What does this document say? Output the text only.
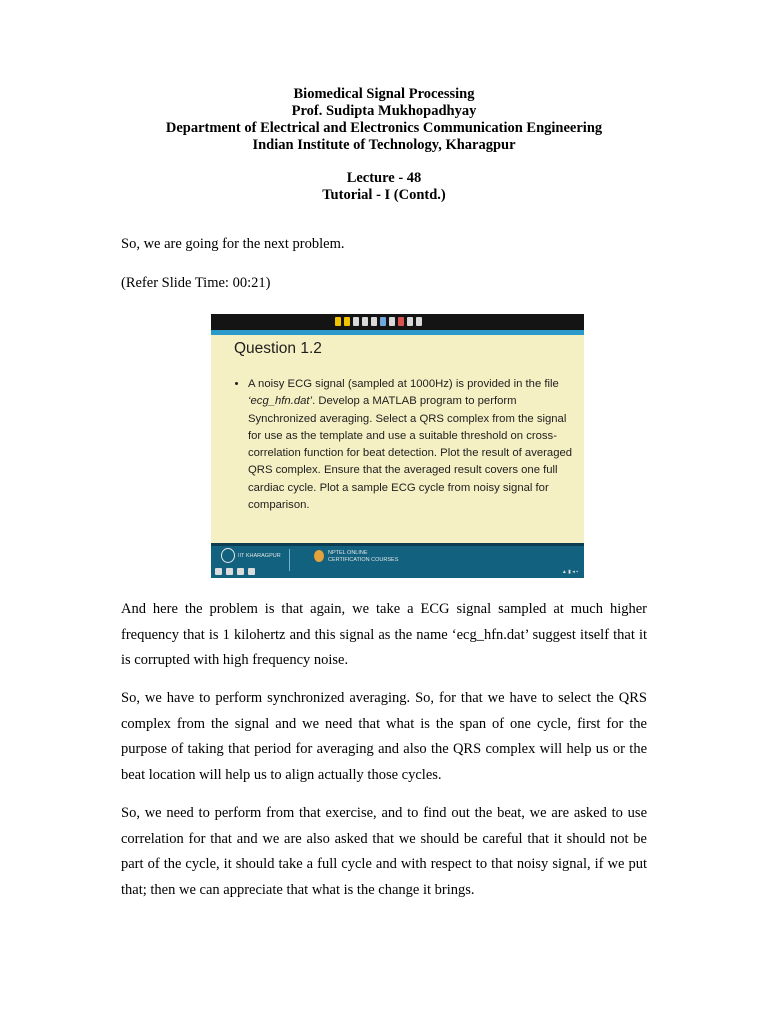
Biomedical Signal Processing
Prof. Sudipta Mukhopadhyay
Department of Electrical and Electronics Communication Engineering
Indian Institute of Technology, Kharagpur
Lecture - 48
Tutorial - I (Contd.)
So, we are going for the next problem.
(Refer Slide Time: 00:21)
Question 1.2
• A noisy ECG signal (sampled at 1000Hz) is provided in the file ‘ecg_hfn.dat’. Develop a MATLAB program to perform Synchronized averaging. Select a QRS complex from the signal for use as the template and use a suitable threshold on cross-correlation function for beat detection. Plot the result of averaged QRS complex. Ensure that the averaged result covers one full cardiac cycle. Plot a sample ECG cycle from noisy signal for comparison.
IIT KHARAGPUR	NPTEL ONLINE
CERTIFICATION COURSES
▲ ▮ ◂ ▪
And here the problem is that again, we take a ECG signal sampled at much higher frequency that is 1 kilohertz and this signal as the name ‘ecg_hfn.dat’ suggest itself that it is corrupted with high frequency noise.
So, we have to perform synchronized averaging. So, for that we have to select the QRS complex from the signal and we need that what is the span of one cycle, first for the purpose of taking that period for averaging and also the QRS complex will help us or the beat location will help us to align actually those cycles.
So, we need to perform from that exercise, and to find out the beat, we are asked to use correlation for that and we are also asked that we should be careful that it should not be part of the cycle, it should take a full cycle and with respect to that noisy signal, if we put that; then we can appreciate that what is the change it brings.
